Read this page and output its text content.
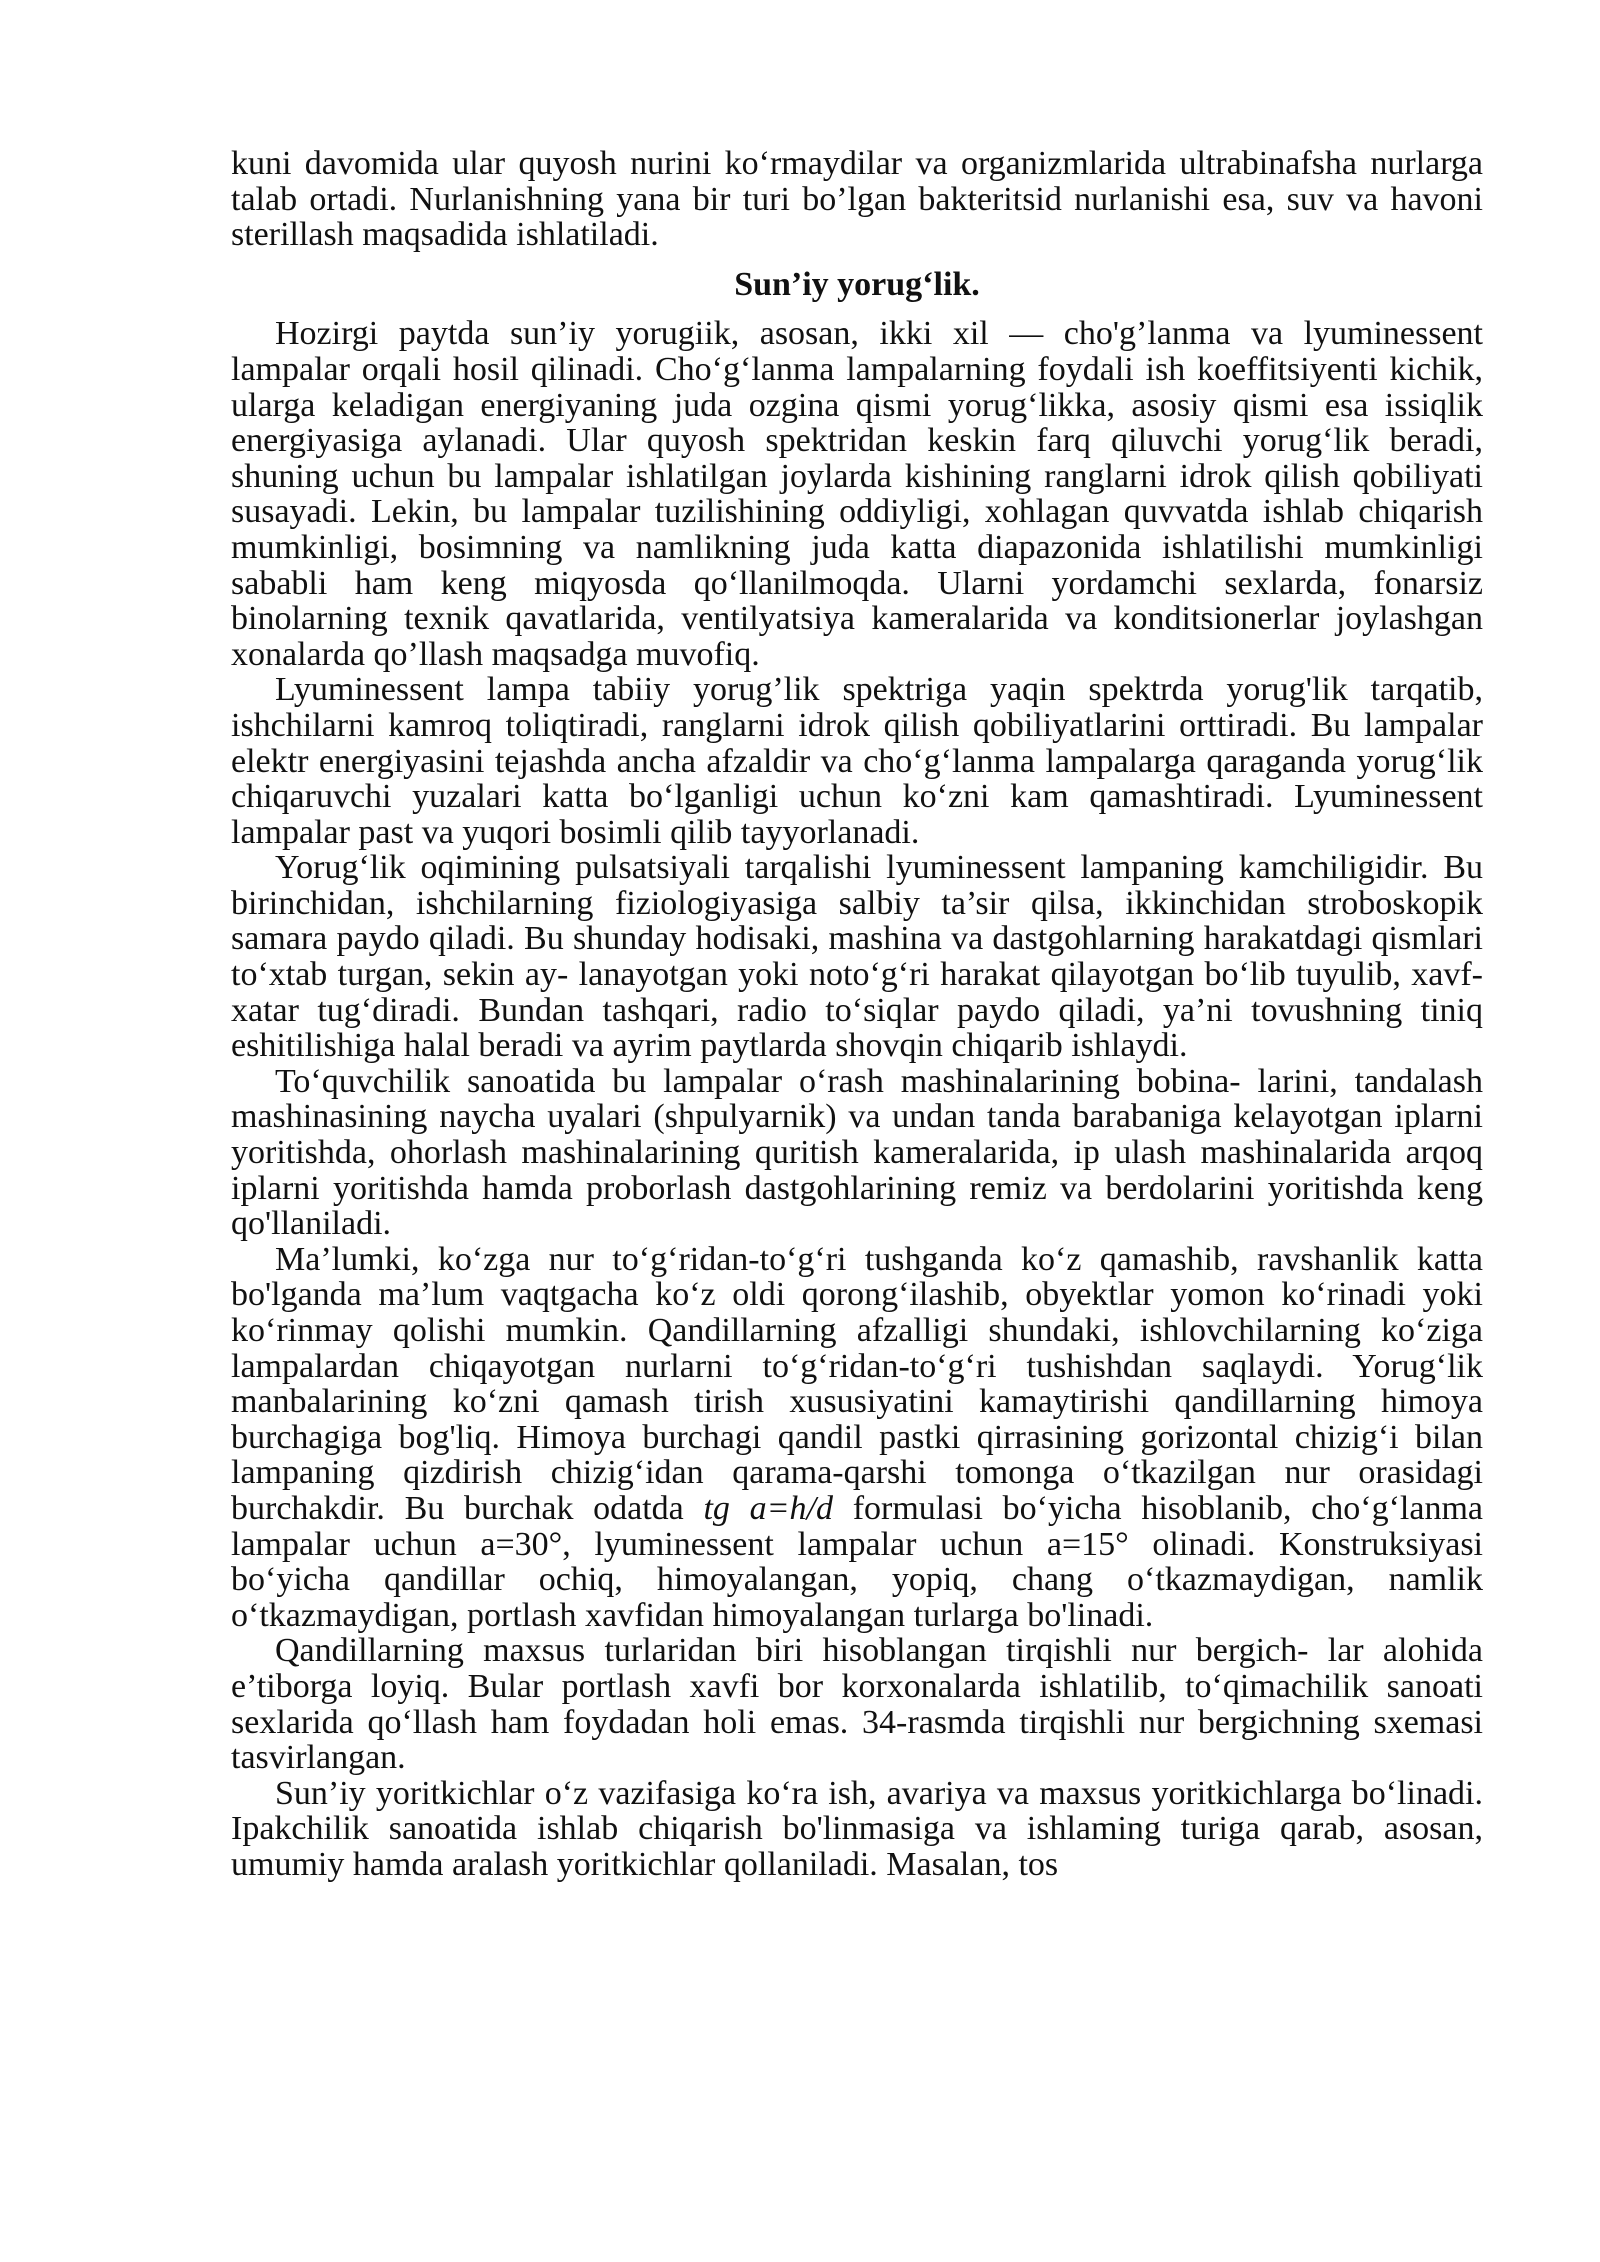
kuni davomida ular quyosh nurini ko‘rmaydilar va organizmlarida ultrabinafsha nurlarga talab ortadi. Nurlanishning yana bir turi bo’lgan bakteritsid nurlanishi esa, suv va havoni sterillash maqsadida ishlatiladi.

Sun’iy yorug‘lik.

Hozirgi paytda sun’iy yorugiik, asosan, ikki xil — cho'g’lanma va lyuminessent lampalar orqali hosil qilinadi. Cho‘g‘lanma lampalarning foydali ish koeffitsiyenti kichik, ularga keladigan energiyaning juda ozgina qismi yorug‘likka, asosiy qismi esa issiqlik energiyasiga aylanadi. Ular quyosh spektridan keskin farq qiluvchi yorug‘lik beradi, shuning uchun bu lampalar ishlatilgan joylarda kishining ranglarni idrok qilish qobiliyati susayadi. Lekin, bu lampalar tuzilishining oddiyligi, xohlagan quvvatda ishlab chiqarish mumkinligi, bosimning va namlikning juda katta diapazonida ishlatilishi mumkinligi sababli ham keng miqyosda qo‘llanilmoqda. Ularni yordamchi sexlarda, fonarsiz binolarning texnik qavatlarida, ventilyatsiya kameralarida va konditsionerlar joylashgan xonalarda qo’llash maqsadga muvofiq.

Lyuminessent lampa tabiiy yorug’lik spektriga yaqin spektrda yorug'lik tarqatib, ishchilarni kamroq toliqtiradi, ranglarni idrok qilish qobiliyatlarini orttiradi. Bu lampalar elektr energiyasini tejashda ancha afzaldir va cho‘g‘lanma lampalarga qaraganda yorug‘lik chiqaruvchi yuzalari katta bo‘lganligi uchun ko‘zni kam qamashtiradi. Lyuminessent lampalar past va yuqori bosimli qilib tayyorlanadi.

Yorug‘lik oqimining pulsatsiyali tarqalishi lyuminessent lampaning kamchiligidir. Bu birinchidan, ishchilarning fiziologiyasiga salbiy ta’sir qilsa, ikkinchidan stroboskopik samara paydo qiladi. Bu shunday hodisaki, mashina va dastgohlarning harakatdagi qismlari to‘xtab turgan, sekin ay- lanayotgan yoki noto‘g‘ri harakat qilayotgan bo‘lib tuyulib, xavf-xatar tug‘diradi. Bundan tashqari, radio to‘siqlar paydo qiladi, ya’ni tovushning tiniq eshitilishiga halal beradi va ayrim paytlarda shovqin chiqarib ishlaydi.

To‘quvchilik sanoatida bu lampalar o‘rash mashinalarining bobina- larini, tandalash mashinasining naycha uyalari (shpulyarnik) va undan tanda barabaniga kelayotgan iplarni yoritishda, ohorlash mashinalarining quritish kameralarida, ip ulash mashinalarida arqoq iplarni yoritishda hamda proborlash dastgohlarining remiz va berdolarini yoritishda keng qo'llaniladi.

Ma’lumki, ko‘zga nur to‘g‘ridan-to‘g‘ri tushganda ko‘z qamashib, ravshanlik katta bo'lganda ma’lum vaqtgacha ko‘z oldi qorong‘ilashib, obyektlar yomon ko‘rinadi yoki ko‘rinmay qolishi mumkin. Qandillarning afzalligi shundaki, ishlovchilarning ko‘ziga lampalardan chiqayotgan nurlarni to‘g‘ridan-to‘g‘ri tushishdan saqlaydi. Yorug‘lik manbalarining ko‘zni qamash tirish xususiyatini kamaytirishi qandillarning himoya burchagiga bog'liq. Himoya burchagi qandil pastki qirrasining gorizontal chizig‘i bilan lampaning qizdirish chizig‘idan qarama-qarshi tomonga o‘tkazilgan nur orasidagi burchakdir. Bu burchak odatda tg a=h/d formulasi bo‘yicha hisoblanib, cho‘g‘lanma lampalar uchun a=30°, lyuminessent lampalar uchun a=15° olinadi. Konstruksiyasi bo‘yicha qandillar ochiq, himoyalangan, yopiq, chang o‘tkazmaydigan, namlik o‘tkazmaydigan, portlash xavfidan himoyalangan turlarga bo'linadi.

Qandillarning maxsus turlaridan biri hisoblangan tirqishli nur bergich- lar alohida e’tiborga loyiq. Bular portlash xavfi bor korxonalarda ishlatilib, to‘qimachilik sanoati sexlarida qo‘llash ham foydadan holi emas. 34-rasmda tirqishli nur bergichning sxemasi tasvirlangan.

Sun’iy yoritkichlar o‘z vazifasiga ko‘ra ish, avariya va maxsus yoritkichlarga bo‘linadi. Ipakchilik sanoatida ishlab chiqarish bo'linmasiga va ishlaming turiga qarab, asosan, umumiy hamda aralash yoritkichlar qollaniladi. Masalan, tos
